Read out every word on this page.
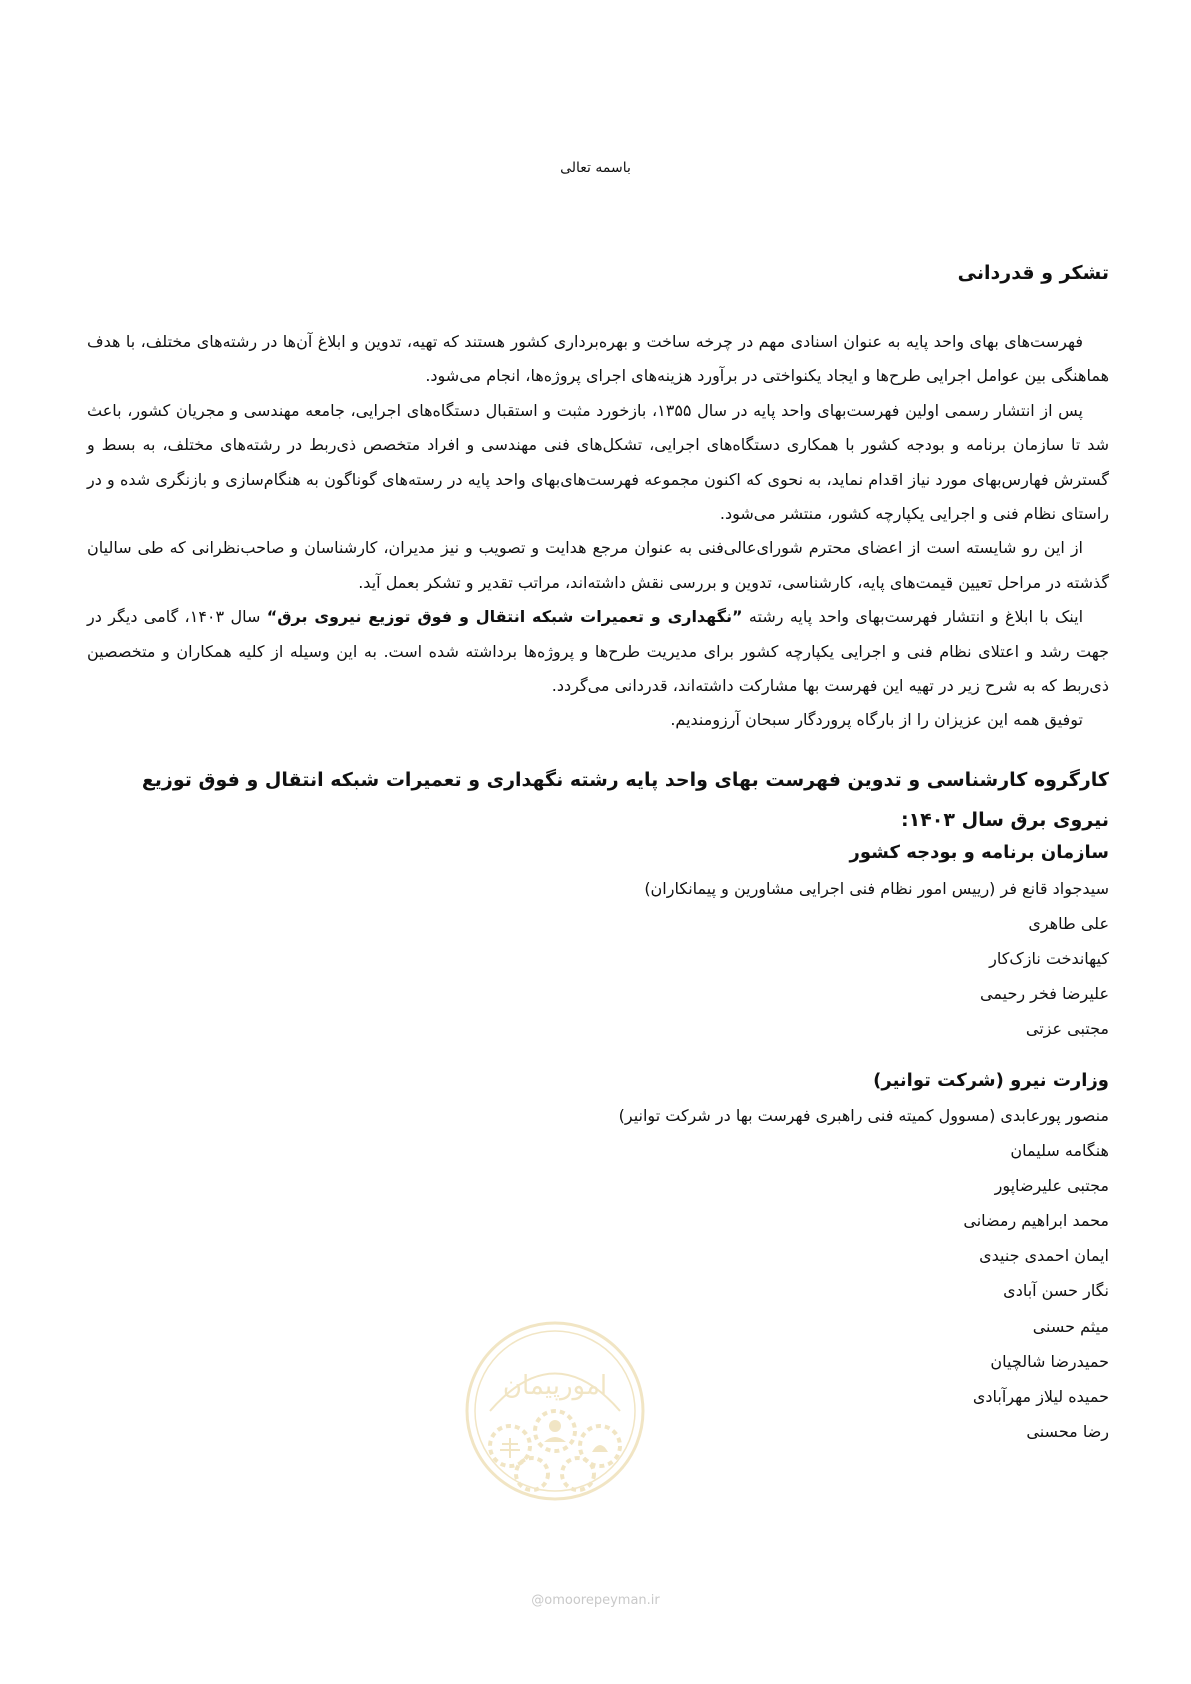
باسمه تعالی
تشکر و قدردانی

فهرست‌های بهای واحد پایه به عنوان اسنادی مهم در چرخه ساخت و بهره‌برداری کشور هستند که تهیه، تدوین و ابلاغ آن‌ها در رشته‌های مختلف، با هدف هماهنگی بین عوامل اجرایی طرح‌ها و ایجاد یکنواختی در برآورد هزینه‌های اجرای پروژه‌ها، انجام می‌شود.

پس از انتشار رسمی اولین فهرست‌بهای واحد پایه در سال ۱۳۵۵، بازخورد مثبت و استقبال دستگاه‌های اجرایی، جامعه مهندسی و مجریان کشور، باعث شد تا سازمان برنامه و بودجه کشور با همکاری دستگاه‌های اجرایی، تشکل‌های فنی مهندسی و افراد متخصص ذی‌ربط در رشته‌های مختلف، به بسط و گسترش فهارس‌بهای مورد نیاز اقدام نماید، به نحوی که اکنون مجموعه فهرست‌های‌بهای واحد پایه در رسته‌های گوناگون به هنگام‌سازی و بازنگری شده و در راستای نظام فنی و اجرایی یکپارچه کشور، منتشر می‌شود.

از این رو شایسته است از اعضای محترم شورای‌عالی‌فنی به عنوان مرجع هدایت و تصویب و نیز مدیران، کارشناسان و صاحب‌نظرانی که طی سالیان گذشته در مراحل تعیین قیمت‌های پایه، کارشناسی، تدوین و بررسی نقش داشته‌اند، مراتب تقدیر و تشکر بعمل آید.

اینک با ابلاغ و انتشار فهرست‌بهای واحد پایه رشته ”نگهداری و تعمیرات شبکه انتقال و فوق توزیع نیروی برق“ سال ۱۴۰۳، گامی دیگر در جهت رشد و اعتلای نظام فنی و اجرایی یکپارچه کشور برای مدیریت طرح‌ها و پروژه‌ها برداشته شده است. به این وسیله از کلیه همکاران و متخصصین ذی‌ربط که به شرح زیر در تهیه این فهرست بها مشارکت داشته‌اند، قدردانی می‌گردد.

توفیق همه این عزیزان را از بارگاه پروردگار سبحان آرزومندیم.

کارگروه کارشناسی و تدوین فهرست بهای واحد پایه رشته نگهداری و تعمیرات شبکه انتقال و فوق توزیع نیروی برق سال ۱۴۰۳:
سازمان برنامه و بودجه کشور
سیدجواد قانع فر (رییس امور نظام فنی اجرایی مشاورین و پیمانکاران)
علی طاهری
کیهاندخت نازک‌کار
علیرضا فخر رحیمی
مجتبی عزتی
وزارت نیرو (شرکت توانیر)
منصور پورعابدی (مسوول کمیته فنی راهبری فهرست بها در شرکت توانیر)
هنگامه سلیمان
مجتبی علیرضاپور
محمد ابراهیم رمضانی
ایمان احمدی جنیدی
نگار حسن آبادی
میثم حسنی
حمیدرضا شالچیان
حمیده لیلاز مهرآبادی
رضا محسنی
امورپیمان
@omoorepeyman.ir
